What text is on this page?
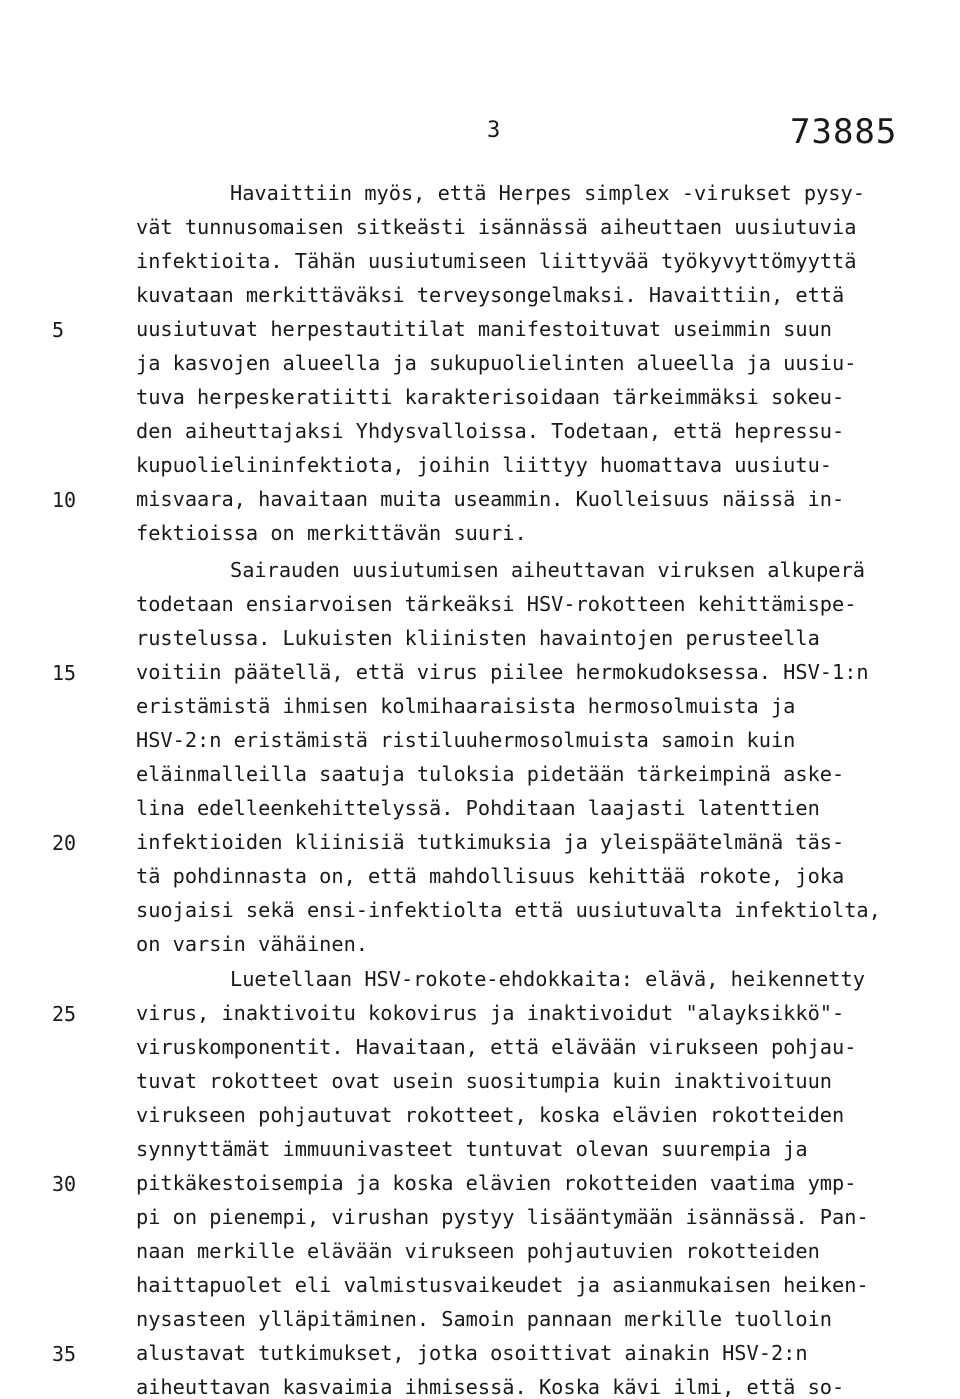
3	73885
Havaittiin myös, että Herpes simplex -virukset pysy-
vät tunnusomaisen sitkeästi isännässä aiheuttaen uusiutuvia
infektioita. Tähän uusiutumiseen liittyvää työkyvyttömyyttä
kuvataan merkittäväksi terveysongelmaksi. Havaittiin, että
uusiutuvat herpestautitilat manifestoituvat useimmin suun
ja kasvojen alueella ja sukupuolielinten alueella ja uusiu-
tuva herpeskeratiitti karakterisoidaan tärkeimmäksi sokeu-
den aiheuttajaksi Yhdysvalloissa. Todetaan, että hepressu-
kupuolielininfektiota, joihin liittyy huomattava uusiutu-
misvaara, havaitaan muita useammin. Kuolleisuus näissä in-
fektioissa on merkittävän suuri.
Sairauden uusiutumisen aiheuttavan viruksen alkuperä
todetaan ensiarvoisen tärkeäksi HSV-rokotteen kehittämispe-
rustelussa. Lukuisten kliinisten havaintojen perusteella
voitiin päätellä, että virus piilee hermokudoksessa. HSV-1:n
eristämistä ihmisen kolmihaaraisista hermosolmuista ja
HSV-2:n eristämistä ristiluuhermosolmuista samoin kuin
eläinmalleilla saatuja tuloksia pidetään tärkeimpinä aske-
lina edelleenkehittelyssä. Pohditaan laajasti latenttien
infektioiden kliinisiä tutkimuksia ja yleispäätelmänä täs-
tä pohdinnasta on, että mahdollisuus kehittää rokote, joka
suojaisi sekä ensi-infektiolta että uusiutuvalta infektiolta,
on varsin vähäinen.
Luetellaan HSV-rokote-ehdokkaita: elävä, heikennetty
virus, inaktivoitu kokovirus ja inaktivoidut "alayksikkö"-
viruskomponentit. Havaitaan, että elävään virukseen pohjau-
tuvat rokotteet ovat usein suositumpia kuin inaktivoituun
virukseen pohjautuvat rokotteet, koska elävien rokotteiden
synnyttämät immuunivasteet tuntuvat olevan suurempia ja
pitkäkestoisempia ja koska elävien rokotteiden vaatima ymp-
pi on pienempi, virushan pystyy lisääntymään isännässä. Pan-
naan merkille elävään virukseen pohjautuvien rokotteiden
haittapuolet eli valmistusvaikeudet ja asianmukaisen heiken-
nysasteen ylläpitäminen. Samoin pannaan merkille tuolloin
alustavat tutkimukset, jotka osoittivat ainakin HSV-2:n
aiheuttavan kasvaimia ihmisessä. Koska kävi ilmi, että so-
5
10
15
20
25
30
35
